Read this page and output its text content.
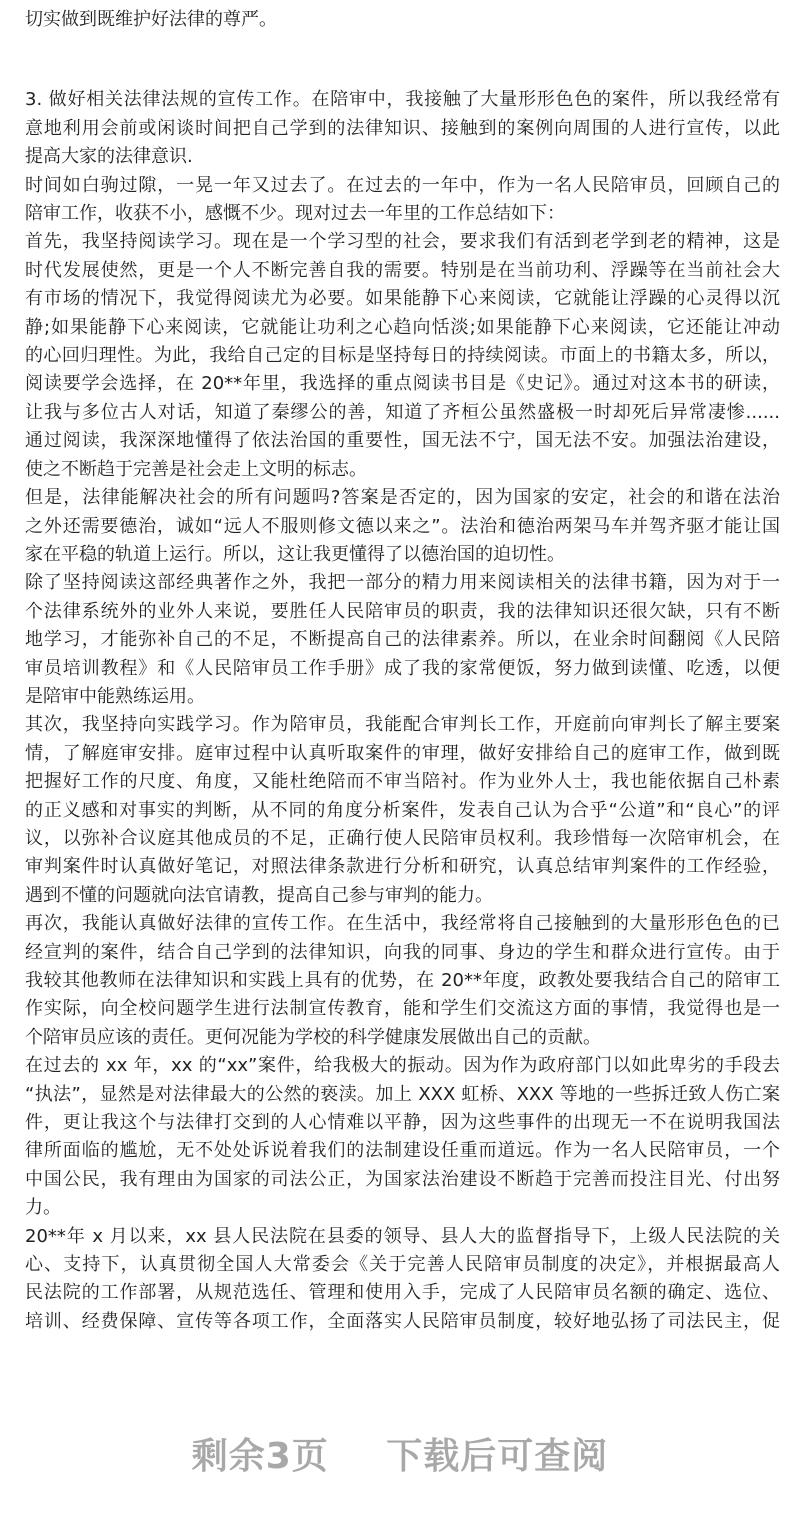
切实做到既维护好法律的尊严。
3. 做好相关法律法规的宣传工作。在陪审中，我接触了大量形形色色的案件，所以我经常有
意地利用会前或闲谈时间把自己学到的法律知识、接触到的案例向周围的人进行宣传，以此
提高大家的法律意识.
时间如白驹过隙，一晃一年又过去了。在过去的一年中，作为一名人民陪审员，回顾自己的
陪审工作，收获不小，感慨不少。现对过去一年里的工作总结如下：
首先，我坚持阅读学习。现在是一个学习型的社会，要求我们有活到老学到老的精神，这是
时代发展使然，更是一个人不断完善自我的需要。特别是在当前功利、浮躁等在当前社会大
有市场的情况下，我觉得阅读尤为必要。如果能静下心来阅读，它就能让浮躁的心灵得以沉
静;如果能静下心来阅读，它就能让功利之心趋向恬淡;如果能静下心来阅读，它还能让冲动
的心回归理性。为此，我给自己定的目标是坚持每日的持续阅读。市面上的书籍太多，所以，
阅读要学会选择，在 20**年里，我选择的重点阅读书目是《史记》。通过对这本书的研读，
让我与多位古人对话，知道了秦缪公的善，知道了齐桓公虽然盛极一时却死后异常凄惨......
通过阅读，我深深地懂得了依法治国的重要性，国无法不宁，国无法不安。加强法治建设，
使之不断趋于完善是社会走上文明的标志。
但是，法律能解决社会的所有问题吗?答案是否定的，因为国家的安定，社会的和谐在法治
之外还需要德治，诚如“远人不服则修文德以来之”。法治和德治两架马车并驾齐驱才能让国
家在平稳的轨道上运行。所以，这让我更懂得了以德治国的迫切性。
除了坚持阅读这部经典著作之外，我把一部分的精力用来阅读相关的法律书籍，因为对于一
个法律系统外的业外人来说，要胜任人民陪审员的职责，我的法律知识还很欠缺，只有不断
地学习，才能弥补自己的不足，不断提高自己的法律素养。所以，在业余时间翻阅《人民陪
审员培训教程》和《人民陪审员工作手册》成了我的家常便饭，努力做到读懂、吃透，以便
是陪审中能熟练运用。
其次，我坚持向实践学习。作为陪审员，我能配合审判长工作，开庭前向审判长了解主要案
情，了解庭审安排。庭审过程中认真听取案件的审理，做好安排给自己的庭审工作，做到既
把握好工作的尺度、角度，又能杜绝陪而不审当陪衬。作为业外人士，我也能依据自己朴素
的正义感和对事实的判断，从不同的角度分析案件，发表自己认为合乎“公道”和“良心”的评
议，以弥补合议庭其他成员的不足，正确行使人民陪审员权利。我珍惜每一次陪审机会，在
审判案件时认真做好笔记，对照法律条款进行分析和研究，认真总结审判案件的工作经验，
遇到不懂的问题就向法官请教，提高自己参与审判的能力。
再次，我能认真做好法律的宣传工作。在生活中，我经常将自己接触到的大量形形色色的已
经宣判的案件，结合自己学到的法律知识，向我的同事、身边的学生和群众进行宣传。由于
我较其他教师在法律知识和实践上具有的优势，在 20**年度，政教处要我结合自己的陪审工
作实际，向全校问题学生进行法制宣传教育，能和学生们交流这方面的事情，我觉得也是一
个陪审员应该的责任。更何况能为学校的科学健康发展做出自己的贡献。
在过去的 xx 年，xx 的“xx”案件，给我极大的振动。因为作为政府部门以如此卑劣的手段去
“执法”，显然是对法律最大的公然的亵渎。加上 XXX 虹桥、XXX 等地的一些拆迁致人伤亡案
件，更让我这个与法律打交到的人心情难以平静，因为这些事件的出现无一不在说明我国法
律所面临的尴尬，无不处处诉说着我们的法制建设任重而道远。作为一名人民陪审员，一个
中国公民，我有理由为国家的司法公正，为国家法治建设不断趋于完善而投注目光、付出努
力。
20**年 x 月以来，xx 县人民法院在县委的领导、县人大的监督指导下，上级人民法院的关
心、支持下，认真贯彻全国人大常委会《关于完善人民陪审员制度的决定》，并根据最高人
民法院的工作部署，从规范选任、管理和使用入手，完成了人民陪审员名额的确定、选位、
培训、经费保障、宣传等各项工作，全面落实人民陪审员制度，较好地弘扬了司法民主，促
剩余3页 下载后可查阅
